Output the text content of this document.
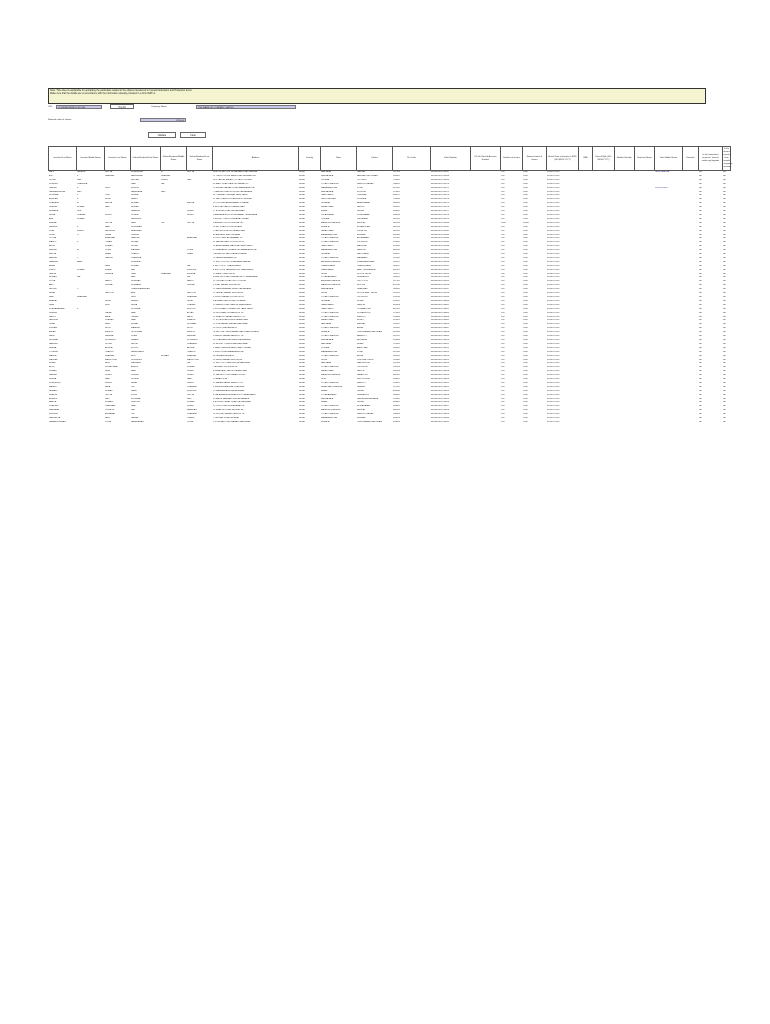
Note: This sheet is applicable for uploading the particulars related to the shares transferred to Investor Education and Protection Fund.
Make sure that the details are in accordance with the information already provided in e-form IEPF-4.
CIN	L12345MH1990PLC012345	Pre-fill	Company Name	THE NAME OF COMPANY LIMITED
Nominal value of shares	3750.00
Validate	Clear
Investor First Name	Investor Middle Name	Investor Last Name	Father/Husband First Name	Father/Husband Middle Name	Father/Husband Last Name	Address	Country	State	District	Pin Code	Folio Number	DP Id-Client Id-Account Number	Number of shares	Nominal value of shares	Actual Date of transfer to IEPF (DD-MON-YYYY)	PAN	Date of Birth (DD-MON-YYYY)	Aadhar Number	Nominee Name	Joint Holder Name	Remarks	Is the Investment (amount / shares) under any litigation	Is the shares transfer from unpaid suspense account
LALIT	RAJESH	GUPTA	SURENDRA	N	GUPTA	H.NO.29 SECTOR 14 KARNAL ROAD PANIPAT	INDIA	HARYANA	PANIPAT	132103	IN30002011234567		200	2000	09-NOV-2022					JAYA SHARMA		No	No
AJIT	K	SHARMA	HARISHRAJ	SHARMA		12 THIRD CROSS MAIN ROAD BENGALURU	INDIA	KARNATAKA	BANGALORE URBAN	560001	IN30002011234568		200	2000	09-NOV-2022							No	No
GOPAL	DAS		KALYAN	SINGH	DAS	14/2 PALTAN BAZAR CUTTACK ODISHA	INDIA	ODISHA	CUTTACK	753001	IN30002011234569		200	2000	09-NOV-2022							No	No
SURESH	CHANDRA		RAM	LAL		45 MALL ROAD KANPUR NAGAR UP	INDIA	UTTAR PRADESH	KANPUR NAGAR	208001	IN30002011234570		200	2000	09-NOV-2022							No	No
UMESH	K	PATIL	KISHOR			23 SHIVAJI NAGAR PUNE MAHARASHTRA	INDIA	MAHARASHTRA	PUNE	411005	IN30002011234571		200	2000	09-NOV-2022					SUNITA PATIL		No	No
RAGHAVENDRA	RAO		NARAYANA	RAO		7 GANDHI ROAD MYSORE KARNATAKA	INDIA	KARNATAKA	MYSORE	570001	IN30002011234572		200	2000	09-NOV-2022							No	No
KRISHNA	V	IYER	VENKAT			56 T NAGAR CHENNAI TAMIL NADU	INDIA	TAMIL NADU	CHENNAI	600017	IN30002011234573		200	2000	09-NOV-2022							No	No
ANUPAM	S	BOSE	SAMIR			22 SALT LAKE KOLKATA WEST BENGAL	INDIA	WEST BENGAL	KOLKATA	700064	IN30002011234574		200	2000	09-NOV-2022							No	No
PRAKASH	M	MEHTA	MOHAN		MEHTA	11 CG ROAD AHMEDABAD GUJARAT	INDIA	GUJARAT	AHMEDABAD	380009	IN30002011234575		200	2000	09-NOV-2022							No	No
DEEPAK	KUMAR	JAIN	NIRMAL			8 MI ROAD JAIPUR RAJASTHAN	INDIA	RAJASTHAN	JAIPUR	302001	IN30002011234576		200	2000	09-NOV-2022							No	No
NIRMALA	DEVI		RAMESH		SINGH	17 BORING ROAD PATNA BIHAR	INDIA	BIHAR	PATNA	800001	IN30002011234577		200	2000	09-NOV-2022							No	No
SHIVA	PRASAD	REDDY	KONDA		REDDY	3 BANJARA HILLS HYDERABAD TELANGANA	INDIA	TELANGANA	HYDERABAD	500034	IN30002011234578		200	2000	09-NOV-2022							No	No
ANIL	KUMAR		RAJINDER			5 MODEL TOWN LUDHIANA PUNJAB	INDIA	PUNJAB	LUDHIANA	141002	IN30002011234579		200	2000	09-NOV-2022							No	No
MEENA		GUPTA	HARI	OM	GUPTA	9 ARERA COLONY BHOPAL MP	INDIA	MADHYA PRADESH	BHOPAL	462016	IN30002011234580		2000	20000	09-NOV-2022							No	No
RAJESH	K	NAIR	KRISHNAN			18 MG ROAD KOCHI KERALA	INDIA	KERALA	ERNAKULAM	682016	IN30002011234581		200	2000	09-NOV-2022							No	No
VIJAY	SINGH	RATHORE	BHANWAR			2 PAOTA JODHPUR RAJASTHAN	INDIA	RAJASTHAN	JODHPUR	342001	IN30002011234582		200	2000	09-NOV-2022							No	No
SUNIL	D	DESAI	DINESH			44 ANDHERI EAST MUMBAI	INDIA	MAHARASHTRA	MUMBAI	400069	IN30002011234583		200	2000	09-NOV-2022							No	No
POOJA		AGARWAL	RAKESH		AGARWAL	6 CIVIL LINES ALLAHABAD UP	INDIA	UTTAR PRADESH	ALLAHABAD	211001	IN30002011234584		200	2000	09-NOV-2022							No	No
MANOJ	K	TIWARI	SHYAM			31 HAZRATGANJ LUCKNOW UP	INDIA	UTTAR PRADESH	LUCKNOW	226001	IN30002011234585		200	2000	09-NOV-2022							No	No
ARUN		KUMAR	GOPAL			14 ANNA NAGAR MADURAI TAMIL NADU	INDIA	TAMIL NADU	MADURAI	625020	IN30002011234586		200	2000	09-NOV-2022							No	No
SANJAY	M	JOSHI	MADHAV		JOSHI	20 DHARAMPETH NAGPUR MAHARASHTRA	INDIA	MAHARASHTRA	NAGPUR	440010	IN30002011234587		200	2000	09-NOV-2022							No	No
KAVITA		SHAH	PRAVIN		SHAH	7 ALKAPURI VADODARA GUJARAT	INDIA	GUJARAT	VADODARA	390007	IN30002011234588		200	2000	09-NOV-2022							No	No
HARISH	C	PANDEY	CHANDRA			10 LANKA VARANASI UP	INDIA	UTTAR PRADESH	VARANASI	221005	IN30002011234589		200	2000	09-NOV-2022							No	No
RAMESH	BABU		VENKATA			27 MVP COLONY VISAKHAPATNAM AP	INDIA	ANDHRA PRADESH	VISAKHAPATNAM	530017	IN30002011234590		200	2000	09-NOV-2022							No	No
ASHA		RANI	MOHAN		LAL	3 SECTOR 17 CHANDIGARH	INDIA	CHANDIGARH	CHANDIGARH	160017	IN30002011234591		200	2000	09-NOV-2022							No	No
VINOD	KUMAR	SINHA	RAJ		KISHORE	8 BISTUPUR JAMSHEDPUR JHARKHAND	INDIA	JHARKHAND	EAST SINGHBHUM	831001	IN30002011234592		200	2000	09-NOV-2022							No	No
GEETA		MISHRA	UMA	SHANKAR	MISHRA	19 SAKET NEW DELHI	INDIA	DELHI	SOUTH DELHI	110017	IN30002011234593		200	2000	09-NOV-2022							No	No
MOHAN	LAL		HAR		LAL	4 RAJPUR ROAD DEHRADUN UTTARAKHAND	INDIA	UTTARAKHAND	DEHRADUN	248001	IN30002011234594		200	2000	09-NOV-2022							No	No
PRIYA		NAIDU	SRINIVAS		NAIDU	12 TIRUPATI ROAD CHITTOOR AP	INDIA	ANDHRA PRADESH	CHITTOOR	517501	IN30002011234595		200	2000	09-NOV-2022							No	No
AMIT		VERMA	SUBHASH		VERMA	5 VIJAY NAGAR INDORE MP	INDIA	MADHYA PRADESH	INDORE	452010	IN30002011234596		200	2000	09-NOV-2022							No	No
SATISH	C		CHANDRASHEKAR			15 GANDHINAGAR HUBLI KARNATAKA	INDIA	KARNATAKA	DHARWAD	580020	IN30002011234597		200	2000	09-NOV-2022							No	No
NEHA		KAPOOR	ANIL		KAPOOR	21 LAJPAT NAGAR NEW DELHI	INDIA	DELHI	SOUTH EAST DELHI	110024	IN30002011234598		200	2000	09-NOV-2022							No	No
RAVI	SHANKAR		SHIV		SHANKAR	9 GOMTI NAGAR LUCKNOW UP	INDIA	UTTAR PRADESH	LUCKNOW	226010	IN30002011234599		200	2000	09-NOV-2022							No	No
BHARAT		PATEL	JAYANT		PATEL	6 ATHWA LINES SURAT GUJARAT	INDIA	GUJARAT	SURAT	395001	IN30002011234600		200	2000	09-NOV-2022							No	No
LATA		DEVI	SHIVA		PRASAD	13 KANKE ROAD RANCHI JHARKHAND	INDIA	JHARKHAND	RANCHI	834008	IN30002011234601		200	2000	09-NOV-2022							No	No
SUBRAMANIAM	K		KRISHNA		MURTHY	2 RS PURAM COIMBATORE TAMIL NADU	INDIA	TAMIL NADU	COIMBATORE	641002	IN30002011234602		200	2000	09-NOV-2022							No	No
DINESH		YADAV	RAM		AVTAR	28 GOLGHAR GORAKHPUR UP	INDIA	UTTAR PRADESH	GORAKHPUR	273001	IN30002011234603		200	2000	09-NOV-2022							No	No
SAROJ		BALA	ONKAR		NATH	11 SHASTRI NAGAR MEERUT UP	INDIA	UTTAR PRADESH	MEERUT	250004	IN30002011234604		200	2000	09-NOV-2022							No	No
JAGDISH		PRASAD	RAM		SWARUP	17 KOTA ROAD BUNDI RAJASTHAN	INDIA	RAJASTHAN	BUNDI	323001	IN30002011234605		200	2000	09-NOV-2022							No	No
USHA		RANI	KEWAL		KRISHAN	22 GTB NAGAR KARNAL HARYANA	INDIA	HARYANA	KARNAL	132001	IN30002011234606		200	2000	09-NOV-2022							No	No
VIKRAM		SETH	MAHESH		SETH	30 CIVIL LINES AGRA UP	INDIA	UTTAR PRADESH	AGRA	282002	IN30002011234607		200	2000	09-NOV-2022							No	No
ANJALI		MENON	GOVINDAN		MENON	14 PATTOM THIRUVANANTHAPURAM KERALA	INDIA	KERALA	THIRUVANANTHAPURAM	695004	IN30002011234608		200	2000	09-NOV-2022							No	No
RAJIV		SAXENA	PREM		SAXENA	5 NEHRU NAGAR BAREILLY UP	INDIA	UTTAR PRADESH	BAREILLY	243122	IN30002011234609		200	2000	09-NOV-2022							No	No
SHOBHA		KULKARNI	VASANT		KULKARNI	18 TILAKWADI BELGAUM KARNATAKA	INDIA	KARNATAKA	BELGAUM	590006	IN30002011234610		200	2000	09-NOV-2022							No	No
NARESH		GOYAL	SATYA		PRAKASH	24 MODEL TOWN HISAR HARYANA	INDIA	HARYANA	HISAR	125005	IN30002011234611		200	2000	09-NOV-2022							No	No
SEEMA		ARORA	KULDIP		ARORA	3 RANJIT AVENUE AMRITSAR PUNJAB	INDIA	PUNJAB	AMRITSAR	143001	IN30002011234612		200	2000	09-NOV-2022							No	No
YOGESH		THAKUR	RAGHUNATH		THAKUR	9 NIGDI PUNE MAHARASHTRA	INDIA	MAHARASHTRA	PUNE	411044	IN30002011234613		200	2000	09-NOV-2022							No	No
MAMTA		SHARMA	BRIJ	MOHAN	SHARMA	40 TAJGANJ AGRA UP	INDIA	UTTAR PRADESH	AGRA	282001	IN30002011234614		200	2000	09-NOV-2022							No	No
GAURAV		MALHOTRA	SURINDER		MALHOTRA	16 PATEL NAGAR NEW DELHI	INDIA	DELHI	CENTRAL DELHI	110008	IN30002011234615		200	2000	09-NOV-2022							No	No
KIRAN		BEDI	PARKASH		LAL	12 SECTOR 9 PANCHKULA HARYANA	INDIA	HARYANA	PANCHKULA	134109	IN30002011234616		200	2000	09-NOV-2022							No	No
ALOK		SRIVASTAVA	ASHOK		KUMAR	7 ALIGANJ LUCKNOW UP	INDIA	UTTAR PRADESH	LUCKNOW	226024	IN30002011234617		200	2000	09-NOV-2022							No	No
SUMAN		LATA	HARI		SINGH	8 RAJA PARK JAIPUR RAJASTHAN	INDIA	RAJASTHAN	JAIPUR	302004	IN30002011234618		200	2000	09-NOV-2022							No	No
PANKAJ		DUBEY	VISHNU		DUBEY	21 NAPIER TOWN JABALPUR MP	INDIA	MADHYA PRADESH	JABALPUR	482001	IN30002011234619		200	2000	09-NOV-2022							No	No
REKHA		NAIK	SUDHIR		NAIK	5 PANAJI GOA	INDIA	GOA	NORTH GOA	403001	IN30002011234620		200	2000	09-NOV-2022							No	No
SURENDER		SINGH	JAGAT		SINGH	11 SADAR BAZAR MEERUT UP	INDIA	UTTAR PRADESH	MEERUT	250001	IN30002011234621		200	2000	09-NOV-2022							No	No
MADHU		BALA	OM		PRAKASH	9 SHIMLA HIMACHAL PRADESH	INDIA	HIMACHAL PRADESH	SHIMLA	171001	IN30002011234622		200	2000	09-NOV-2022							No	No
HEMANT		KUMAR	NAND		KISHORE	19 KANKARBAGH PATNA BIHAR	INDIA	BIHAR	PATNA	800020	IN30002011234623		200	2000	09-NOV-2022							No	No
SHALINI		GUPTA	VIVEK		GUPTA	4 DALANWALA DEHRADUN UTTARAKHAND	INDIA	UTTARAKHAND	DEHRADUN	248001	IN30002011234624		200	2000	09-NOV-2022							No	No
ASHWIN		RAO	KRISHNA		RAO	10 KADRI MANGALORE KARNATAKA	INDIA	KARNATAKA	DAKSHINA KANNADA	575002	IN30002011234625		200	2000	09-NOV-2022							No	No
BABITA		KUMARI	SUBODH		KUMAR	6 BORING CANAL ROAD PATNA BIHAR	INDIA	BIHAR	PATNA	800001	IN30002011234626		200	2000	09-NOV-2022							No	No
PRADEEP		CHAUHAN	RAM		SINGH	22 CIVIL LINES MORADABAD UP	INDIA	UTTAR PRADESH	MORADABAD	244001	IN30002011234627		200	2000	09-NOV-2022							No	No
VANDANA		TRIPATHI	RAJ		NARAYAN	13 KHAJURI ROAD BHOPAL MP	INDIA	MADHYA PRADESH	BHOPAL	462003	IN30002011234628		200	2000	09-NOV-2022							No	No
MUKESH		AGRAWAL	OM		PRAKASH	18 GOVIND NAGAR KANPUR UP	INDIA	UTTAR PRADESH	KANPUR NAGAR	208006	IN30002011234629		200	2000	09-NOV-2022							No	No
SANGEETA		JAIN	PADAM		CHAND	7 PEDDAR ROAD MUMBAI	INDIA	MAHARASHTRA	MUMBAI	400026	IN30002011234630		200	2000	09-NOV-2022							No	No
RAMAKRISHNAN		PILLAI	NARAYANAN		PILLAI	2 KOWDIAR THIRUVANANTHAPURAM	INDIA	KERALA	THIRUVANANTHAPURAM	695003	IN30002011234631		200	2000	09-NOV-2022							No	No
